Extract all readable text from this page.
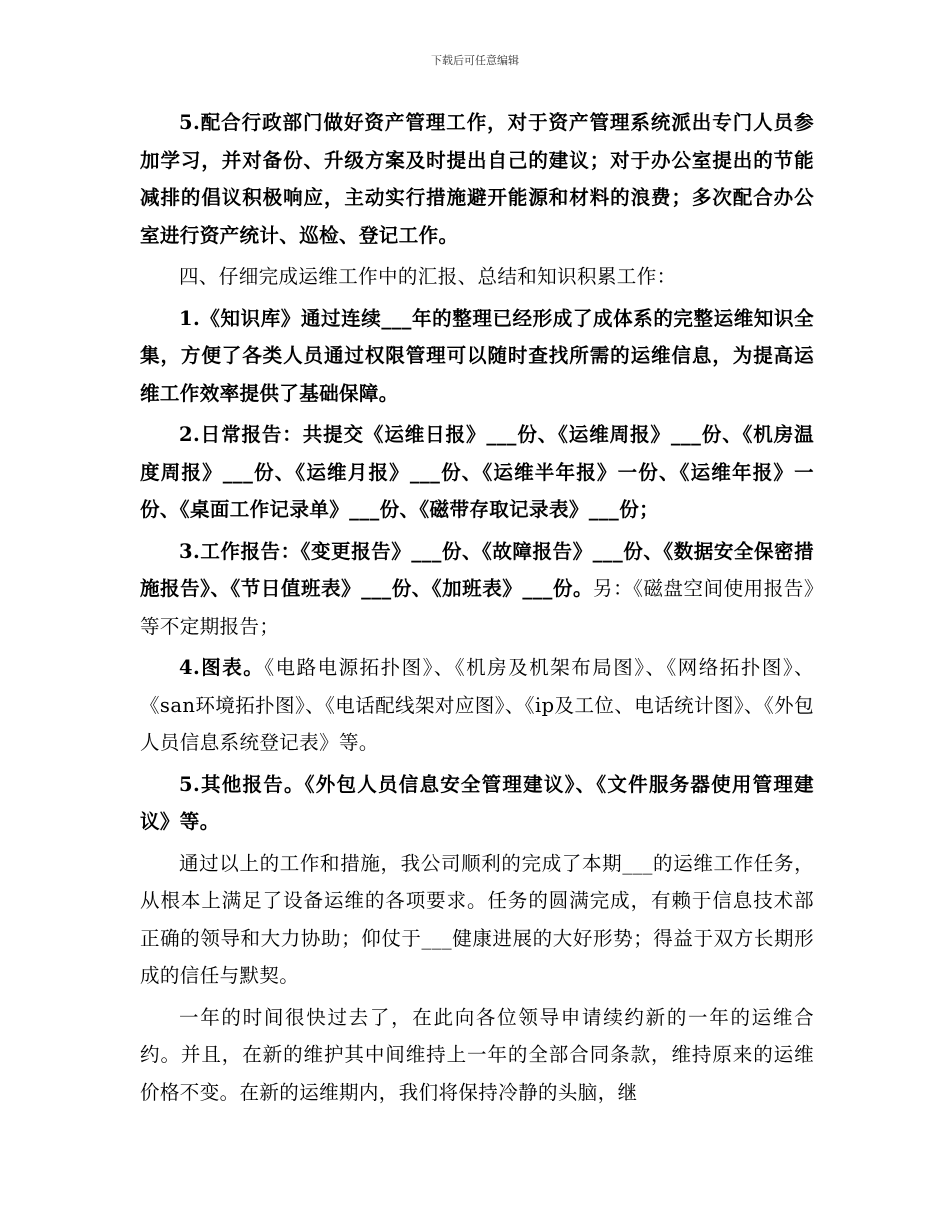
下载后可任意编辑

5.配合行政部门做好资产管理工作，对于资产管理系统派出专门人员参加学习，并对备份、升级方案及时提出自己的建议；对于办公室提出的节能减排的倡议积极响应，主动实行措施避开能源和材料的浪费；多次配合办公室进行资产统计、巡检、登记工作。

四、仔细完成运维工作中的汇报、总结和知识积累工作：

1.《知识库》通过连续___年的整理已经形成了成体系的完整运维知识全集，方便了各类人员通过权限管理可以随时查找所需的运维信息，为提高运维工作效率提供了基础保障。

2.日常报告：共提交《运维日报》___份、《运维周报》___份、《机房温度周报》___份、《运维月报》___份、《运维半年报》一份、《运维年报》一份、《桌面工作记录单》___份、《磁带存取记录表》___份；

3.工作报告：《变更报告》___份、《故障报告》___份、《数据安全保密措施报告》、《节日值班表》___份、《加班表》___份。另：《磁盘空间使用报告》等不定期报告；

4.图表。《电路电源拓扑图》、《机房及机架布局图》、《网络拓扑图》、《san环境拓扑图》、《电话配线架对应图》、《ip及工位、电话统计图》、《外包人员信息系统登记表》等。

5.其他报告。《外包人员信息安全管理建议》、《文件服务器使用管理建议》等。

通过以上的工作和措施，我公司顺利的完成了本期___的运维工作任务，从根本上满足了设备运维的各项要求。任务的圆满完成，有赖于信息技术部正确的领导和大力协助；仰仗于___健康进展的大好形势；得益于双方长期形成的信任与默契。

一年的时间很快过去了，在此向各位领导申请续约新的一年的运维合约。并且，在新的维护其中间维持上一年的全部合同条款，维持原来的运维价格不变。在新的运维期内，我们将保持冷静的头脑，继
